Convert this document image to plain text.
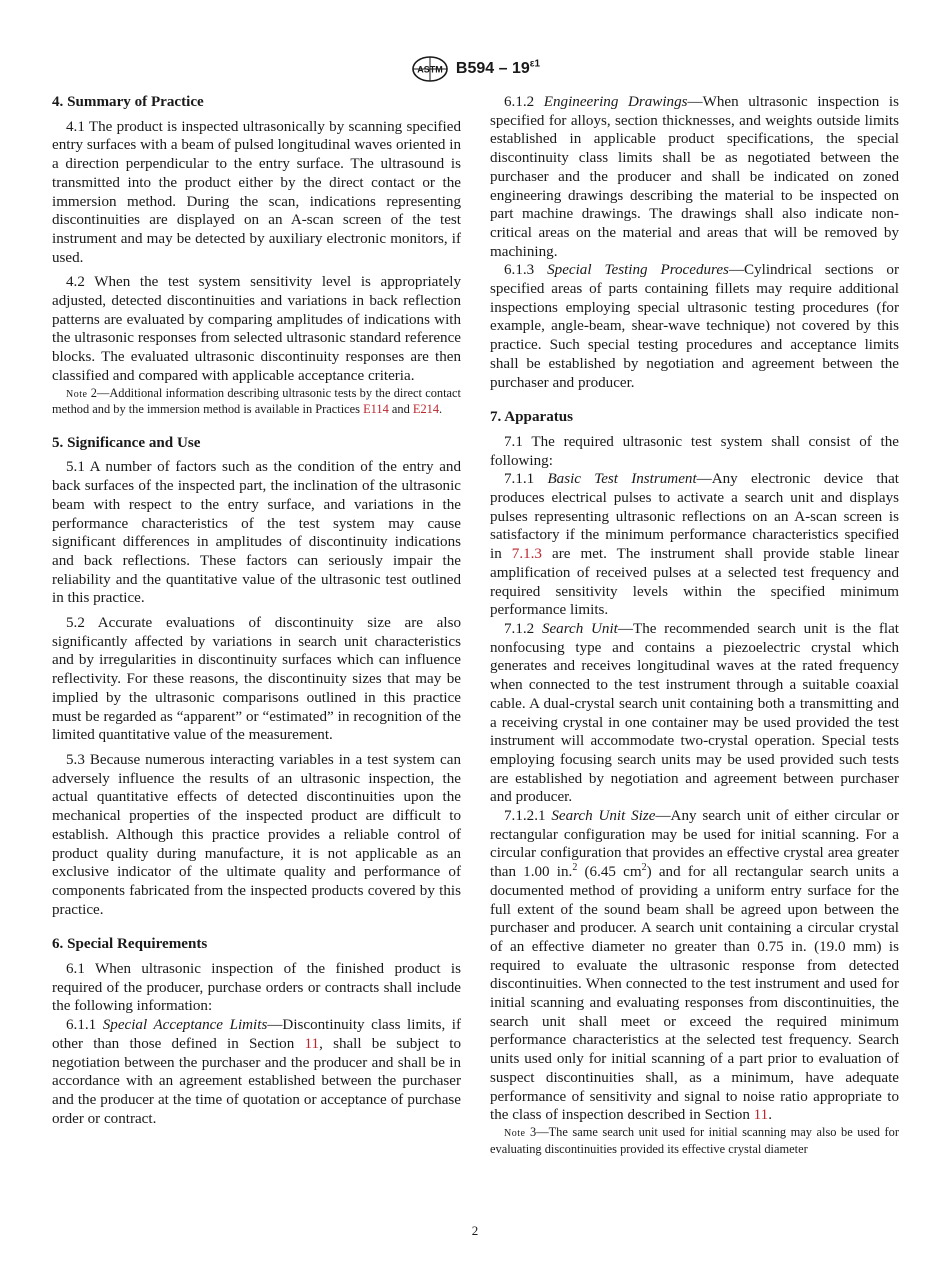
ASTM $B594 - 19^{\varepsilon 1}$
4. Summary of Practice

4.1 The product is inspected ultrasonically by scanning specified entry surfaces with a beam of pulsed longitudinal waves oriented in a direction perpendicular to the entry surface. The ultrasound is transmitted into the product either by the direct contact or the immersion method. During the scan, indications representing discontinuities are displayed on an A-scan screen of the test instrument and may be detected by auxiliary electronic monitors, if used.

4.2 When the test system sensitivity level is appropriately adjusted, detected discontinuities and variations in back reflection patterns are evaluated by comparing amplitudes of indications with the ultrasonic responses from selected ultrasonic standard reference blocks. The evaluated ultrasonic discontinuity responses are then classified and compared with applicable acceptance criteria.

Note 2—Additional information describing ultrasonic tests by the direct contact method and by the immersion method is available in Practices E114 and E214.

5. Significance and Use

5.1 A number of factors such as the condition of the entry and back surfaces of the inspected part, the inclination of the ultrasonic beam with respect to the entry surface, and variations in the performance characteristics of the test system may cause significant differences in amplitudes of discontinuity indications and back reflections. These factors can seriously impair the reliability and the quantitative value of the ultrasonic test outlined in this practice.

5.2 Accurate evaluations of discontinuity size are also significantly affected by variations in search unit characteristics and by irregularities in discontinuity surfaces which can influence reflectivity. For these reasons, the discontinuity sizes that may be implied by the ultrasonic comparisons outlined in this practice must be regarded as “apparent” or “estimated” in recognition of the limited quantitative value of the measurement.

5.3 Because numerous interacting variables in a test system can adversely influence the results of an ultrasonic inspection, the actual quantitative effects of detected discontinuities upon the mechanical properties of the inspected product are difficult to establish. Although this practice provides a reliable control of product quality during manufacture, it is not applicable as an exclusive indicator of the ultimate quality and performance of components fabricated from the inspected products covered by this practice.

6. Special Requirements

6.1 When ultrasonic inspection of the finished product is required of the producer, purchase orders or contracts shall include the following information:

6.1.1 Special Acceptance Limits—Discontinuity class limits, if other than those defined in Section 11, shall be subject to negotiation between the purchaser and the producer and shall be in accordance with an agreement established between the purchaser and the producer at the time of quotation or acceptance of purchase order or contract.

6.1.2 Engineering Drawings—When ultrasonic inspection is specified for alloys, section thicknesses, and weights outside limits established in applicable product specifications, the special discontinuity class limits shall be as negotiated between the purchaser and the producer and shall be indicated on zoned engineering drawings describing the material to be inspected on part machine drawings. The drawings shall also indicate non-critical areas on the material and areas that will be removed by machining.

6.1.3 Special Testing Procedures—Cylindrical sections or specified areas of parts containing fillets may require additional inspections employing special ultrasonic testing procedures (for example, angle-beam, shear-wave technique) not covered by this practice. Such special testing procedures and acceptance limits shall be established by negotiation and agreement between the purchaser and producer.

7. Apparatus

7.1 The required ultrasonic test system shall consist of the following:

7.1.1 Basic Test Instrument—Any electronic device that produces electrical pulses to activate a search unit and displays pulses representing ultrasonic reflections on an A-scan screen is satisfactory if the minimum performance characteristics specified in 7.1.3 are met. The instrument shall provide stable linear amplification of received pulses at a selected test frequency and required sensitivity levels within the specified minimum performance limits.

7.1.2 Search Unit—The recommended search unit is the flat nonfocusing type and contains a piezoelectric crystal which generates and receives longitudinal waves at the rated frequency when connected to the test instrument through a suitable coaxial cable. A dual-crystal search unit containing both a transmitting and a receiving crystal in one container may be used provided the test instrument will accommodate two-crystal operation. Special tests employing focusing search units may be used provided such tests are established by negotiation and agreement between purchaser and producer.

7.1.2.1 Search Unit Size—Any search unit of either circular or rectangular configuration may be used for initial scanning. For a circular configuration that provides an effective crystal area greater than 1.00 in.$^2$ (6.45 $cm^2$) and for all rectangular search units a documented method of providing a uniform entry surface for the full extent of the sound beam shall be agreed upon between the purchaser and producer. A search unit containing a circular crystal of an effective diameter no greater than 0.75 in. (19.0 mm) is required to evaluate the ultrasonic response from detected discontinuities. When connected to the test instrument and used for initial scanning and evaluating responses from discontinuities, the search unit shall meet or exceed the required minimum performance characteristics at the selected test frequency. Search units used only for initial scanning of a part prior to evaluation of suspect discontinuities shall, as a minimum, have adequate performance of sensitivity and signal to noise ratio appropriate to the class of inspection described in Section 11.

Note 3—The same search unit used for initial scanning may also be used for evaluating discontinuities provided its effective crystal diameter

2
